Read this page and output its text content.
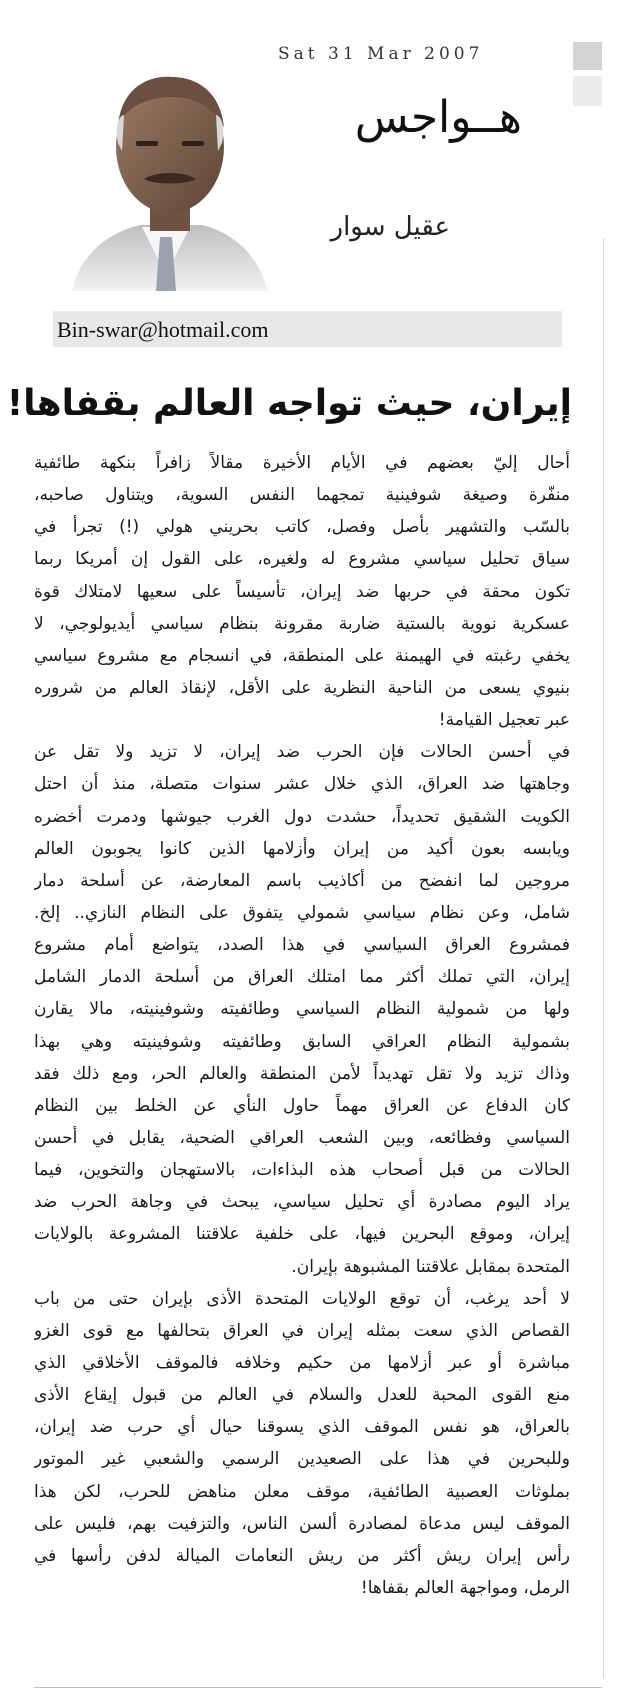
Sat 31 Mar 2007
هــواجس
عقيل سوار
Bin-swar@hotmail.com
إيران، حيث تواجه العالم بقفاها!
أحال إليّ بعضهم في الأيام الأخيرة مقالاً زافراً بنكهة طائفية
منفّرة وصيغة شوفينية تمجهما النفس السوية، ويتناول صاحبه،
بالسّب والتشهير بأصل وفصل، كاتب بحريني هولي (!) تجرأ في
سياق تحليل سياسي مشروع له ولغيره، على القول إن أمريكا ربما
تكون محقة في حربها ضد إيران، تأسيساً على سعيها لامتلاك قوة
عسكرية نووية بالستية ضاربة مقرونة بنظام سياسي أيديولوجي، لا
يخفي رغبته في الهيمنة على المنطقة، في انسجام مع مشروع سياسي
بنيوي يسعى من الناحية النظرية على الأقل، لإنقاذ العالم من شروره
عبر تعجيل القيامة!
في أحسن الحالات فإن الحرب ضد إيران، لا تزيد ولا تقل عن
وجاهتها ضد العراق، الذي خلال عشر سنوات متصلة، منذ أن احتل
الكويت الشقيق تحديداً، حشدت دول الغرب جيوشها ودمرت أخضره
ويابسه بعون أكيد من إيران وأزلامها الذين كانوا يجوبون العالم
مروجين لما انفضح من أكاذيب باسم المعارضة، عن أسلحة دمار
شامل، وعن نظام سياسي شمولي يتفوق على النظام النازي.. إلخ.
فمشروع العراق السياسي في هذا الصدد، يتواضع أمام مشروع
إيران، التي تملك أكثر مما امتلك العراق من أسلحة الدمار الشامل
ولها من شمولية النظام السياسي وطائفيته وشوفينيته، مالا يقارن
بشمولية النظام العراقي السابق وطائفيته وشوفينيته وهي بهذا
وذاك تزيد ولا تقل تهديداً لأمن المنطقة والعالم الحر، ومع ذلك فقد
كان الدفاع عن العراق مهماً حاول النأي عن الخلط بين النظام
السياسي وفظائعه، وبين الشعب العراقي الضحية، يقابل في أحسن
الحالات من قبل أصحاب هذه البذاءات، بالاستهجان والتخوين، فيما
يراد اليوم مصادرة أي تحليل سياسي، يبحث في وجاهة الحرب ضد
إيران، وموقع البحرين فيها، على خلفية علاقتنا المشروعة بالولايات
المتحدة بمقابل علاقتنا المشبوهة بإيران.
لا أحد يرغب، أن توقع الولايات المتحدة الأذى بإيران حتى من باب
القصاص الذي سعت بمثله إيران في العراق بتحالفها مع قوى الغزو
مباشرة أو عبر أزلامها من حكيم وخلافه فالموقف الأخلاقي الذي
منع القوى المحبة للعدل والسلام في العالم من قبول إيقاع الأذى
بالعراق، هو نفس الموقف الذي يسوقنا حيال أي حرب ضد إيران،
وللبحرين في هذا على الصعيدين الرسمي والشعبي غير الموتور
بملوثات العصبية الطائفية، موقف معلن مناهض للحرب، لكن هذا
الموقف ليس مدعاة لمصادرة ألسن الناس، والتزفيت بهم، فليس على
رأس إيران ريش أكثر من ريش النعامات الميالة لدفن رأسها في
الرمل، ومواجهة العالم بقفاها!
